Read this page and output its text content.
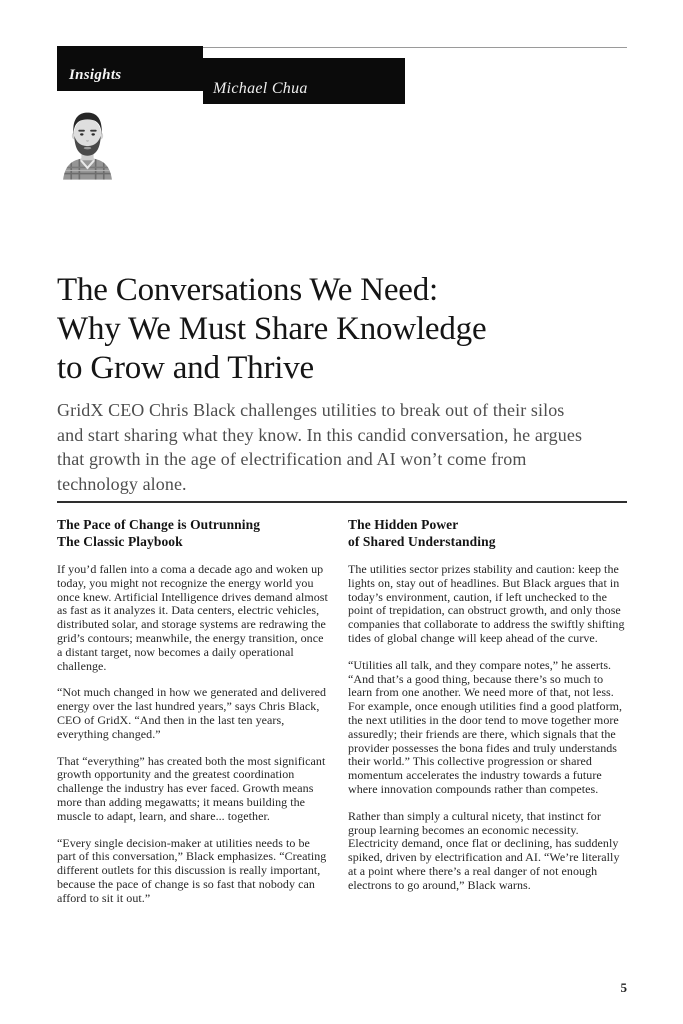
Insights
Michael Chua
The Conversations We Need:
Why We Must Share Knowledge
to Grow and Thrive

GridX CEO Chris Black challenges utilities to break out of their silos and start sharing what they know. In this candid conversation, he argues that growth in the age of electrification and AI won’t come from technology alone.

The Pace of Change is Outrunning
The Classic Playbook

If you’d fallen into a coma a decade ago and woken up today, you might not recognize the energy world you once knew. Artificial Intelligence drives demand almost as fast as it analyzes it. Data centers, electric vehicles, distributed solar, and storage systems are redrawing the grid’s contours; meanwhile, the energy transition, once a distant target, now becomes a daily operational challenge.

“Not much changed in how we generated and delivered energy over the last hundred years,” says Chris Black, CEO of GridX. “And then in the last ten years, everything changed.”

That “everything” has created both the most significant growth opportunity and the greatest coordination challenge the industry has ever faced. Growth means more than adding megawatts; it means building the muscle to adapt, learn, and share... together.

“Every single decision-maker at utilities needs to be part of this conversation,” Black emphasizes. “Creating different outlets for this discussion is really important, because the pace of change is so fast that nobody can afford to sit it out.”

The Hidden Power
of Shared Understanding

The utilities sector prizes stability and caution: keep the lights on, stay out of headlines. But Black argues that in today’s environment, caution, if left unchecked to the point of trepidation, can obstruct growth, and only those companies that collaborate to address the swiftly shifting tides of global change will keep ahead of the curve.

“Utilities all talk, and they compare notes,” he asserts. “And that’s a good thing, because there’s so much to learn from one another. We need more of that, not less. For example, once enough utilities find a good platform, the next utilities in the door tend to move together more assuredly; their friends are there, which signals that the provider possesses the bona fides and truly understands their world.” This collective progression or shared momentum accelerates the industry towards a future where innovation compounds rather than competes.

Rather than simply a cultural nicety, that instinct for group learning becomes an economic necessity. Electricity demand, once flat or declining, has suddenly spiked, driven by electrification and AI. “We’re literally at a point where there’s a real danger of not enough electrons to go around,” Black warns.

5
